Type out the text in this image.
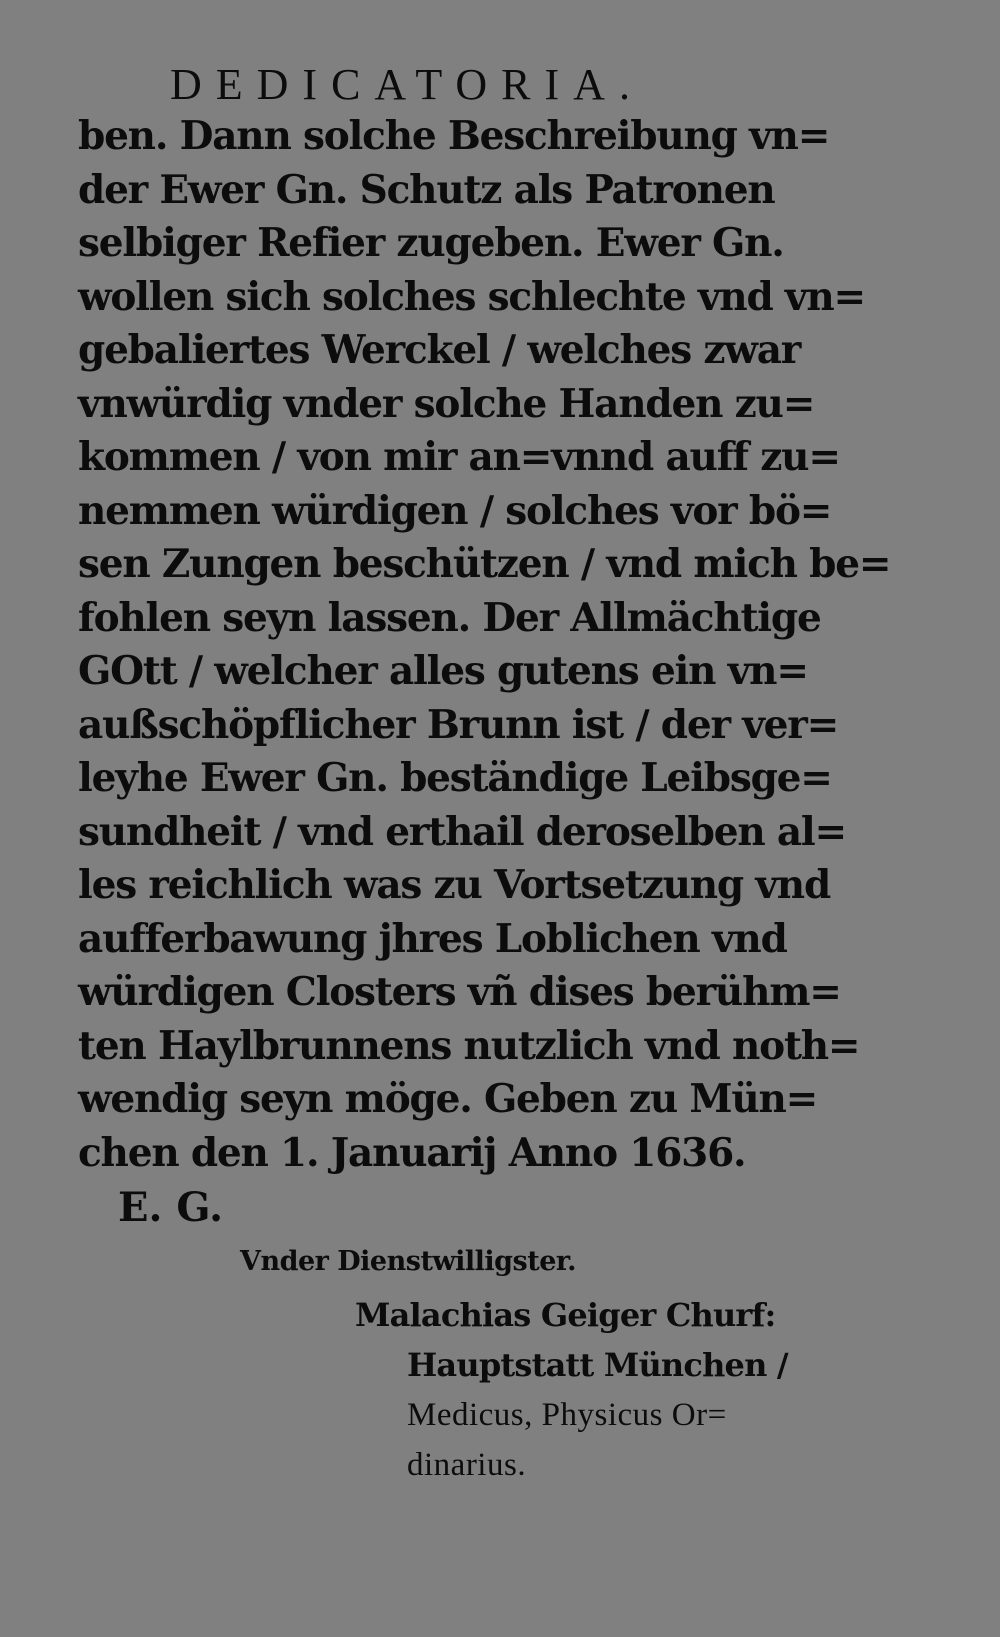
DEDICATORIA.
ben. Dann solche Beschreibung vn=
der Ewer Gn. Schutz als Patronen
selbiger Refier zugeben. Ewer Gn.
wollen sich solches schlechte vnd vn=
gebaliertes Werckel / welches zwar
vnwürdig vnder solche Handen zu=
kommen / von mir an=vnnd auff zu=
nemmen würdigen / solches vor bö=
sen Zungen beschützen / vnd mich be=
fohlen seyn lassen. Der Allmächtige
GOtt / welcher alles gutens ein vn=
außschöpflicher Brunn ist / der ver=
leyhe Ewer Gn. beständige Leibsge=
sundheit / vnd erthail deroselben al=
les reichlich was zu Vortsetzung vnd
aufferbawung jhres Loblichen vnd
würdigen Closters vñ dises berühm=
ten Haylbrunnens nutzlich vnd noth=
wendig seyn möge. Geben zu Mün=
chen den 1. Januarij Anno 1636.
E. G.
Vnder Dienstwilligster.
Malachias Geiger Churf:
Hauptstatt München /
Medicus, Physicus Or=
dinarius.
